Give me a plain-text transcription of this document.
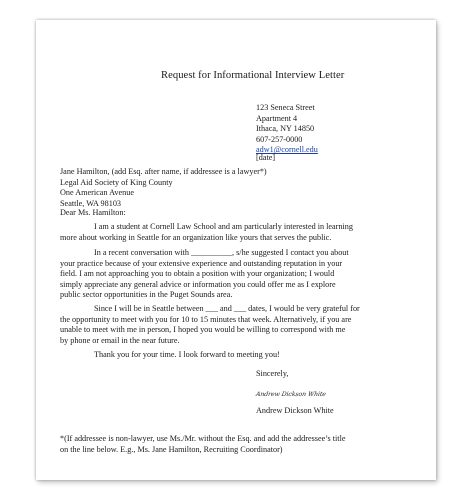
Request for Informational Interview Letter
123 Seneca Street
Apartment 4
Ithaca, NY 14850
607-257-0000
adw1@cornell.edu
[date]
Jane Hamilton, (add Esq. after name, if addressee is a lawyer*)
Legal Aid Society of King County
One American Avenue
Seattle, WA 98103
Dear Ms. Hamilton:
I am a student at Cornell Law School and am particularly interested in learning
more about working in Seattle for an organization like yours that serves the public.
In a recent conversation with __________, s/he suggested I contact you about
your practice because of your extensive experience and outstanding reputation in your
field. I am not approaching you to obtain a position with your organization; I would
simply appreciate any general advice or information you could offer me as I explore
public sector opportunities in the Puget Sounds area.
Since I will be in Seattle between ___ and ___ dates, I would be very grateful for
the opportunity to meet with you for 10 to 15 minutes that week. Alternatively, if you are
unable to meet with me in person, I hoped you would be willing to correspond with me
by phone or email in the near future.
Thank you for your time. I look forward to meeting you!
Sincerely,
Andrew Dickson White
Andrew Dickson White
*(If addressee is non-lawyer, use Ms./Mr. without the Esq. and add the addressee’s title
on the line below. E.g., Ms. Jane Hamilton, Recruiting Coordinator)
